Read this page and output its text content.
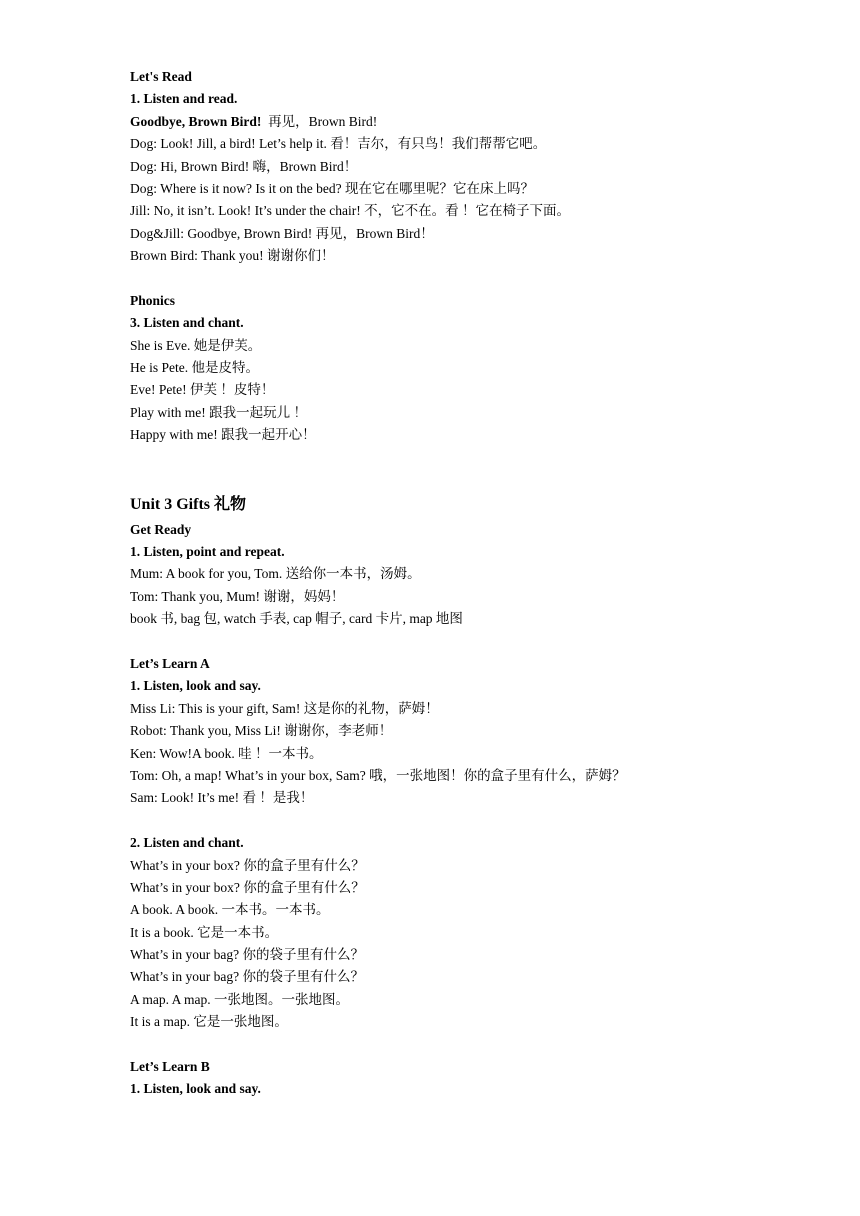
Let's Read
1. Listen and read.
Goodbye, Brown Bird!  再见，Brown Bird!
Dog: Look! Jill, a bird! Let’s help it. 看！吉尔，有只鸟！我们帮帮它吧。
Dog: Hi, Brown Bird! 嗨，Brown Bird！
Dog: Where is it now? Is it on the bed? 现在它在哪里呢？它在床上吗？
Jill: No, it isn’t. Look! It’s under the chair! 不，它不在。看 ！它在椅子下面。
Dog&Jill: Goodbye, Brown Bird! 再见，Brown Bird！
Brown Bird: Thank you! 谢谢你们！
Phonics
3. Listen and chant.
She is Eve. 她是伊芙。
He is Pete. 他是皮特。
Eve! Pete! 伊芙 ！皮特！
Play with me! 跟我一起玩儿 ！
Happy with me! 跟我一起开心！
Unit 3 Gifts 礼物
Get Ready
1. Listen, point and repeat.
Mum: A book for you, Tom. 送给你一本书，汤姆。
Tom: Thank you, Mum! 谢谢，妈妈！
book 书, bag 包, watch 手表, cap 帽子, card 卡片, map 地图
Let’s Learn A
1. Listen, look and say.
Miss Li: This is your gift, Sam! 这是你的礼物，萨姆！
Robot: Thank you, Miss Li! 谢谢你，李老师！
Ken: Wow!A book. 哇 ！一本书。
Tom: Oh, a map! What’s in your box, Sam? 哦，一张地图！你的盒子里有什么，萨姆？
Sam: Look! It’s me! 看 ！是我！
2. Listen and chant.
What’s in your box? 你的盒子里有什么？
What’s in your box? 你的盒子里有什么？
A book. A book. 一本书。一本书。
It is a book. 它是一本书。
What’s in your bag? 你的袋子里有什么？
What’s in your bag? 你的袋子里有什么？
A map. A map. 一张地图。一张地图。
It is a map. 它是一张地图。
Let’s Learn B
1. Listen, look and say.
